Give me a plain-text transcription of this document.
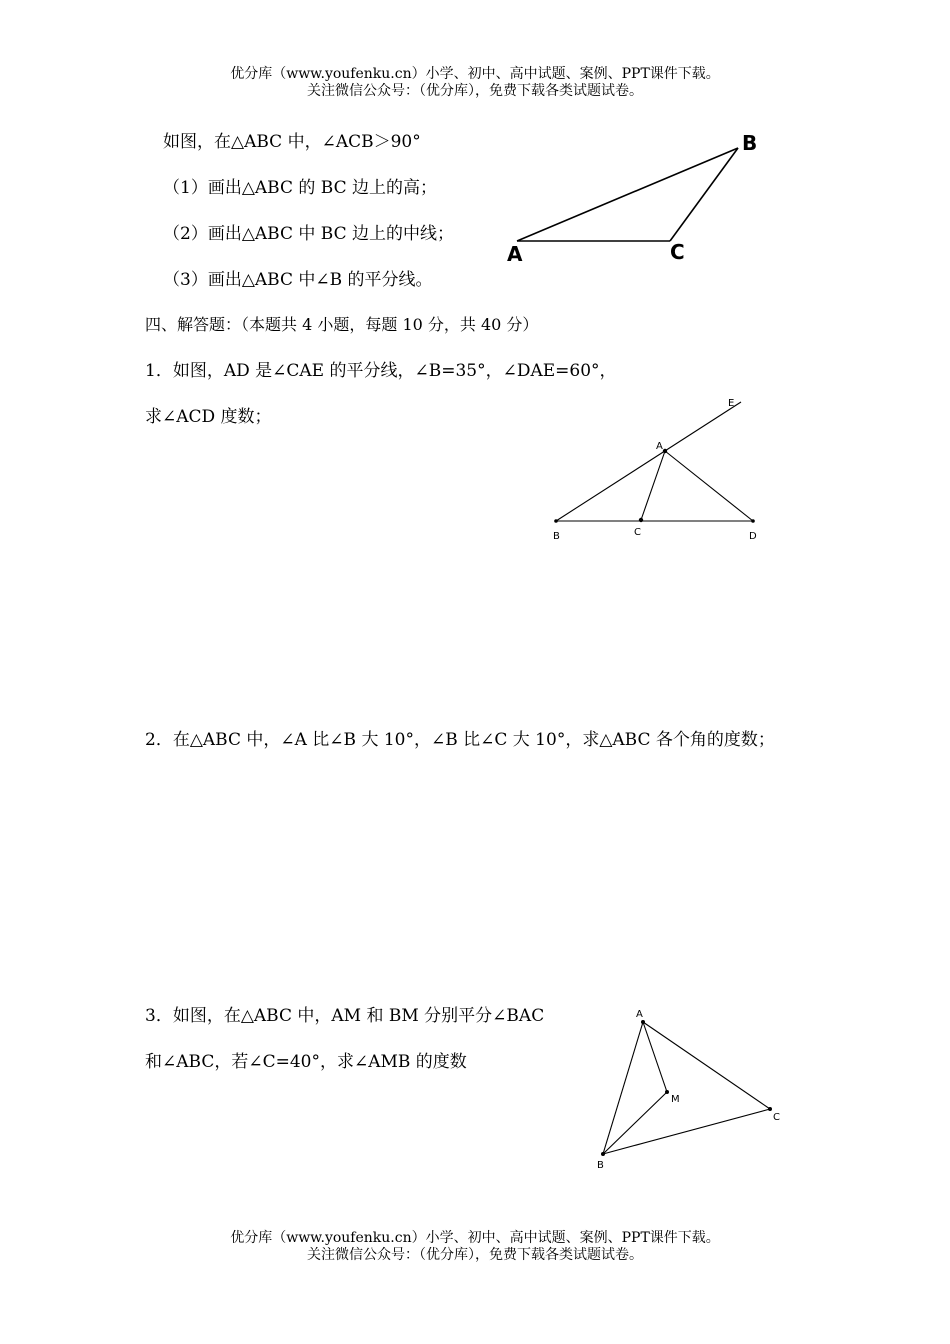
优分库（www.youfenku.cn）小学、初中、高中试题、案例、PPT课件下载。
关注微信公众号：（优分库），免费下载各类试题试卷。
如图，在△ABC 中，∠ACB＞90°
（1）画出△ABC 的 BC 边上的高；
（2）画出△ABC 中 BC 边上的中线；
（3）画出△ABC 中∠B 的平分线。
A
B
C
E
A
B	C	D
A
B
C
M
四、解答题：（本题共 4 小题，每题 10 分，共 40 分）
1．如图，AD 是∠CAE 的平分线，∠B=35°，∠DAE=60°，
求∠ACD 度数；
2．在△ABC 中，∠A 比∠B 大 10°，∠B 比∠C 大 10°，求△ABC 各个角的度数；
3．如图，在△ABC 中，AM 和 BM 分别平分∠BAC
和∠ABC，若∠C=40°，求∠AMB 的度数
优分库（www.youfenku.cn）小学、初中、高中试题、案例、PPT课件下载。
关注微信公众号：（优分库），免费下载各类试题试卷。
